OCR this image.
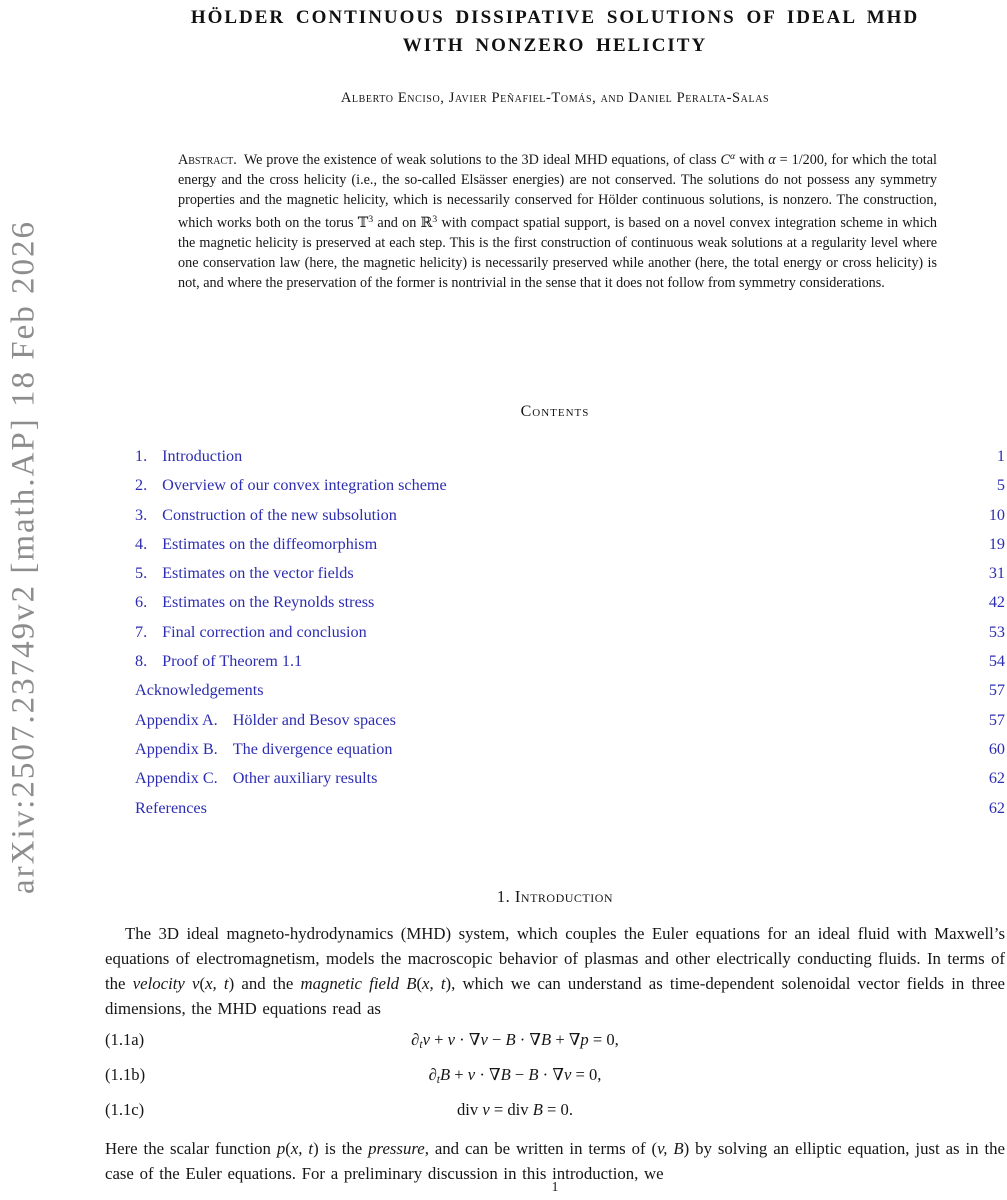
arXiv:2507.23749v2 [math.AP] 18 Feb 2026
HÖLDER CONTINUOUS DISSIPATIVE SOLUTIONS OF IDEAL MHD
WITH NONZERO HELICITY
Alberto Enciso, Javier Peñafiel-Tomás, and Daniel Peralta-Salas

Abstract. We prove the existence of weak solutions to the 3D ideal MHD equations, of class $C^\alpha$ with α = 1/200, for which the total energy and the cross helicity (i.e., the so-called Elsässer energies) are not conserved. The solutions do not possess any symmetry properties and the magnetic helicity, which is necessarily conserved for Hölder continuous solutions, is nonzero. The construction, which works both on the torus 𝕋$^3$ and on ℝ$^3$ with compact spatial support, is based on a novel convex integration scheme in which the magnetic helicity is preserved at each step. This is the first construction of continuous weak solutions at a regularity level where one conservation law (here, the magnetic helicity) is necessarily preserved while another (here, the total energy or cross helicity) is not, and where the preservation of the former is nontrivial in the sense that it does not follow from symmetry considerations.

Contents
1. Introduction	1
2. Overview of our convex integration scheme	5
3. Construction of the new subsolution	10
4. Estimates on the diffeomorphism	19
5. Estimates on the vector fields	31
6. Estimates on the Reynolds stress	42
7. Final correction and conclusion	53
8. Proof of Theorem 1.1	54
Acknowledgements	57
Appendix A. Hölder and Besov spaces	57
Appendix B. The divergence equation	60
Appendix C. Other auxiliary results	62
References	62
1. Introduction

The 3D ideal magneto-hydrodynamics (MHD) system, which couples the Euler equations for an ideal fluid with Maxwell’s equations of electromagnetism, models the macroscopic behavior of plasmas and other electrically conducting fluids. In terms of the velocity v(x, t) and the magnetic field B(x, t), which we can understand as time-dependent solenoidal vector fields in three dimensions, the MHD equations read as

(1.1a)	$\partial_tv + v \cdot \nabla v - B \cdot \nabla B + \nabla p = 0$,
(1.1b)	$\partial_tB + v \cdot \nabla B - B \cdot \nabla v = 0$,
(1.1c)	div v = div B = 0.

Here the scalar function p(x, t) is the pressure, and can be written in terms of (v, B) by solving an elliptic equation, just as in the case of the Euler equations. For a preliminary discussion in this introduction, we

1
